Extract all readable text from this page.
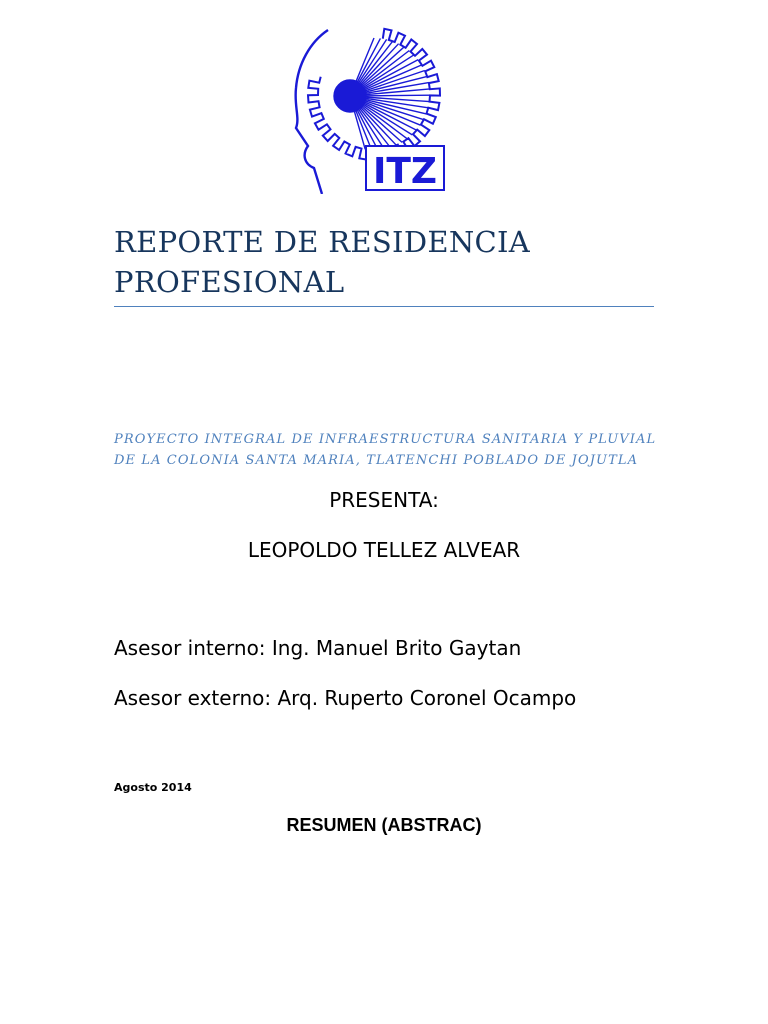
ITZ
REPORTE DE RESIDENCIA PROFESIONAL
PROYECTO INTEGRAL DE INFRAESTRUCTURA SANITARIA Y PLUVIAL DE LA COLONIA SANTA MARIA, TLATENCHI POBLADO DE JOJUTLA
PRESENTA:
LEOPOLDO TELLEZ ALVEAR
Asesor interno: Ing. Manuel Brito Gaytan
Asesor externo: Arq. Ruperto Coronel Ocampo
Agosto 2014
RESUMEN (ABSTRAC)
